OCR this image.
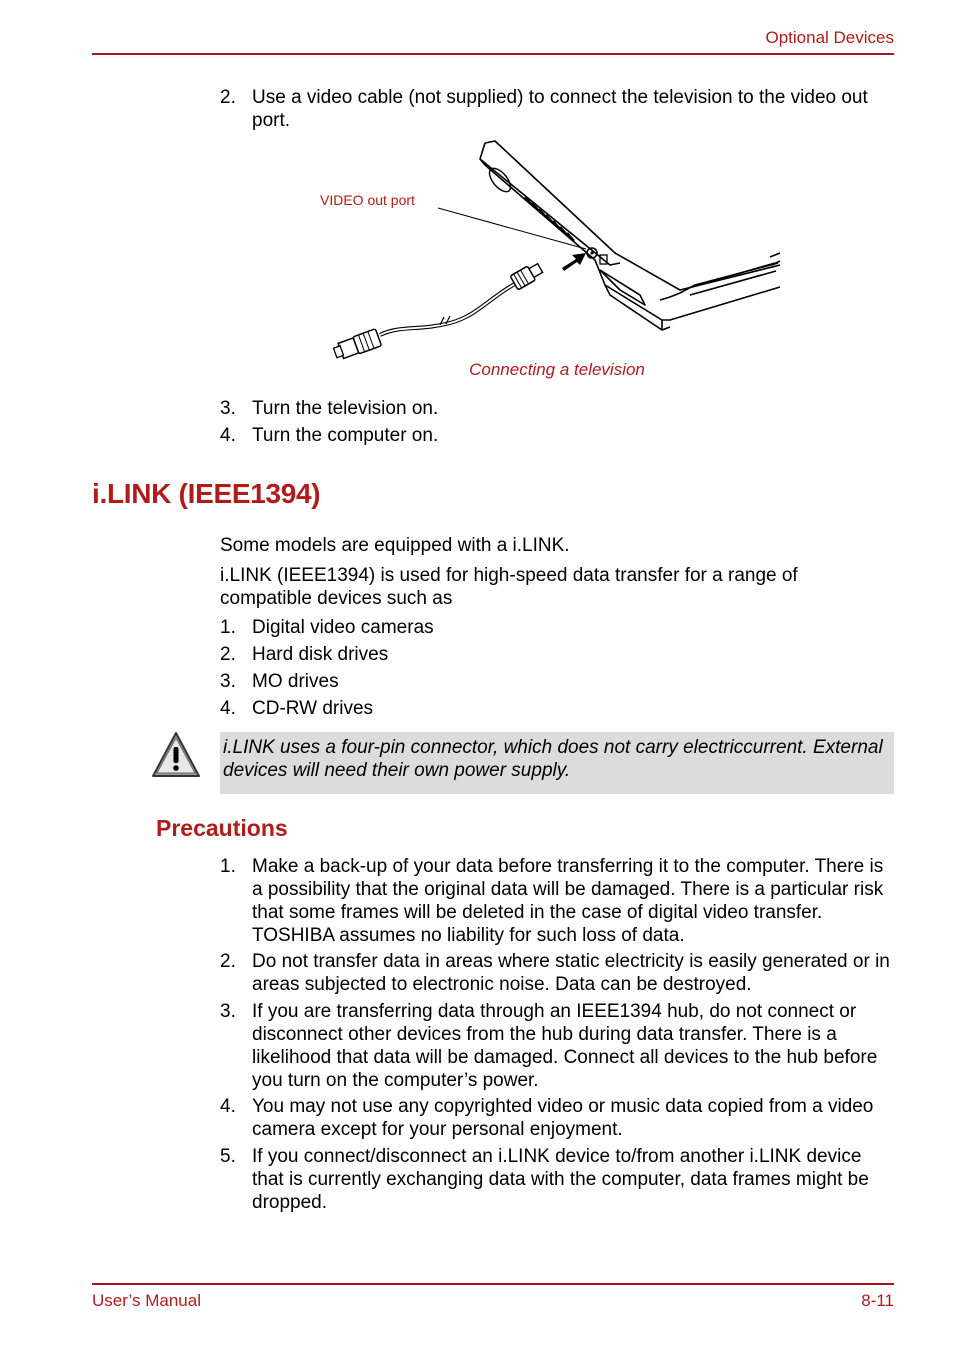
Optional Devices
2. Use a video cable (not supplied) to connect the television to the video out port.
VIDEO out port
Connecting a television
3. Turn the television on.
4. Turn the computer on.
i.LINK (IEEE1394)
Some models are equipped with a i.LINK.
i.LINK (IEEE1394) is used for high-speed data transfer for a range of compatible devices such as
1. Digital video cameras
2. Hard disk drives
3. MO drives
4. CD-RW drives
i.LINK uses a four-pin connector, which does not carry electriccurrent. External devices will need their own power supply.
Precautions
1. Make a back-up of your data before transferring it to the computer. There is a possibility that the original data will be damaged. There is a particular risk that some frames will be deleted in the case of digital video transfer. TOSHIBA assumes no liability for such loss of data.
2. Do not transfer data in areas where static electricity is easily generated or in areas subjected to electronic noise. Data can be destroyed.
3. If you are transferring data through an IEEE1394 hub, do not connect or disconnect other devices from the hub during data transfer. There is a likelihood that data will be damaged. Connect all devices to the hub before you turn on the computer’s power.
4. You may not use any copyrighted video or music data copied from a video camera except for your personal enjoyment.
5. If you connect/disconnect an i.LINK device to/from another i.LINK device that is currently exchanging data with the computer, data frames might be dropped.
User’s Manual	8-11
